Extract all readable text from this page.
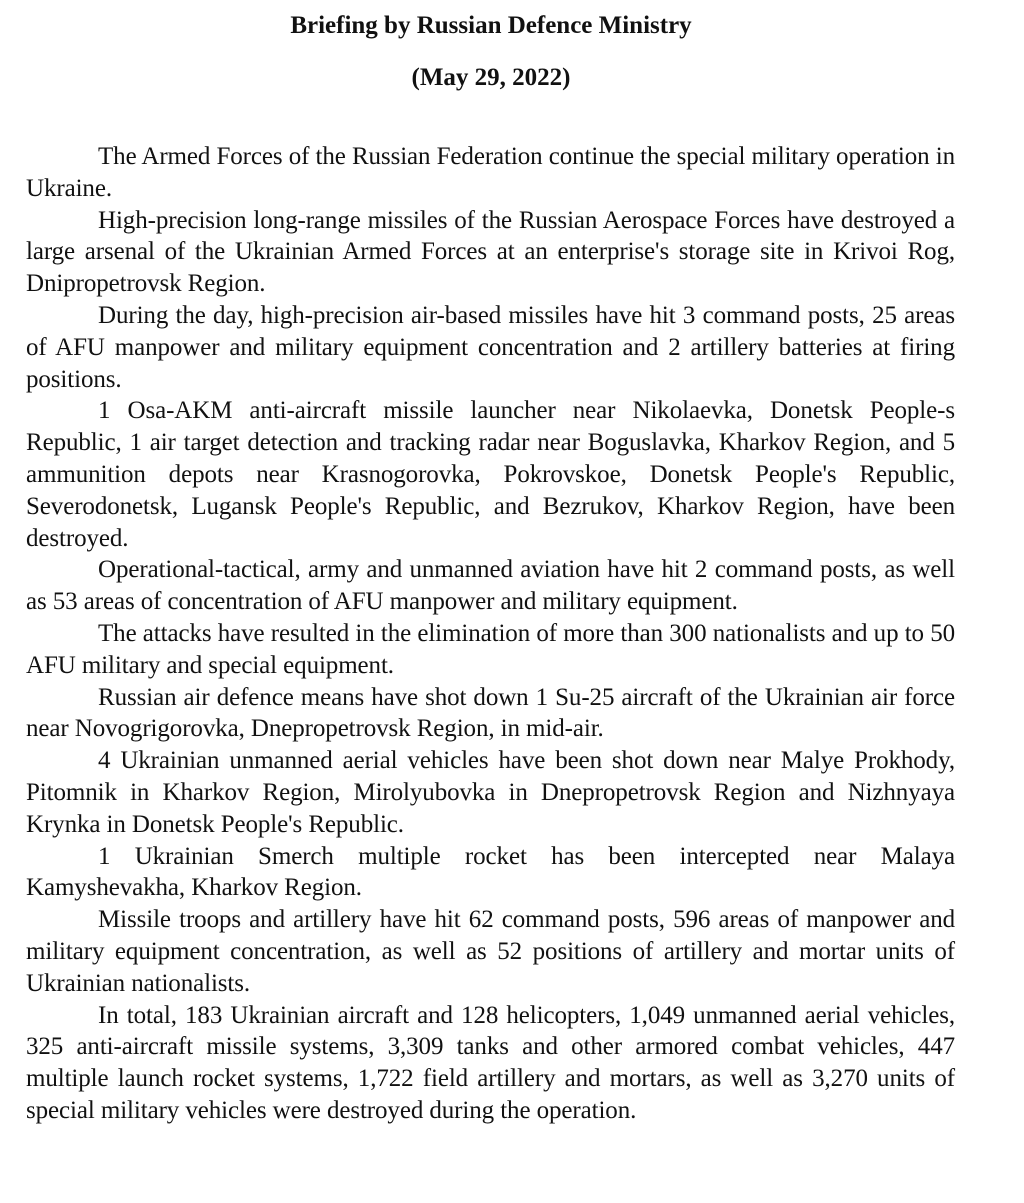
Briefing by Russian Defence Ministry
(May 29, 2022)

The Armed Forces of the Russian Federation continue the special military operation in Ukraine.

High-precision long-range missiles of the Russian Aerospace Forces have destroyed a large arsenal of the Ukrainian Armed Forces at an enterprise's storage site in Krivoi Rog, Dnipropetrovsk Region.

During the day, high-precision air-based missiles have hit 3 command posts, 25 areas of AFU manpower and military equipment concentration and 2 artillery batteries at firing positions.

1 Osa-AKM anti-aircraft missile launcher near Nikolaevka, Donetsk People-s Republic, 1 air target detection and tracking radar near Boguslavka, Kharkov Region, and 5 ammunition depots near Krasnogorovka, Pokrovskoe, Donetsk People's Republic, Severodonetsk, Lugansk People's Republic, and Bezrukov, Kharkov Region, have been destroyed.

Operational-tactical, army and unmanned aviation have hit 2 command posts, as well as 53 areas of concentration of AFU manpower and military equipment.

The attacks have resulted in the elimination of more than 300 nationalists and up to 50 AFU military and special equipment.

Russian air defence means have shot down 1 Su-25 aircraft of the Ukrainian air force near Novogrigorovka, Dnepropetrovsk Region, in mid-air.

4 Ukrainian unmanned aerial vehicles have been shot down near Malye Prokhody, Pitomnik in Kharkov Region, Mirolyubovka in Dnepropetrovsk Region and Nizhnyaya Krynka in Donetsk People's Republic.

1 Ukrainian Smerch multiple rocket has been intercepted near Malaya Kamyshevakha, Kharkov Region.

Missile troops and artillery have hit 62 command posts, 596 areas of manpower and military equipment concentration, as well as 52 positions of artillery and mortar units of Ukrainian nationalists.

In total, 183 Ukrainian aircraft and 128 helicopters, 1,049 unmanned aerial vehicles, 325 anti-aircraft missile systems, 3,309 tanks and other armored combat vehicles, 447 multiple launch rocket systems, 1,722 field artillery and mortars, as well as 3,270 units of special military vehicles were destroyed during the operation.
